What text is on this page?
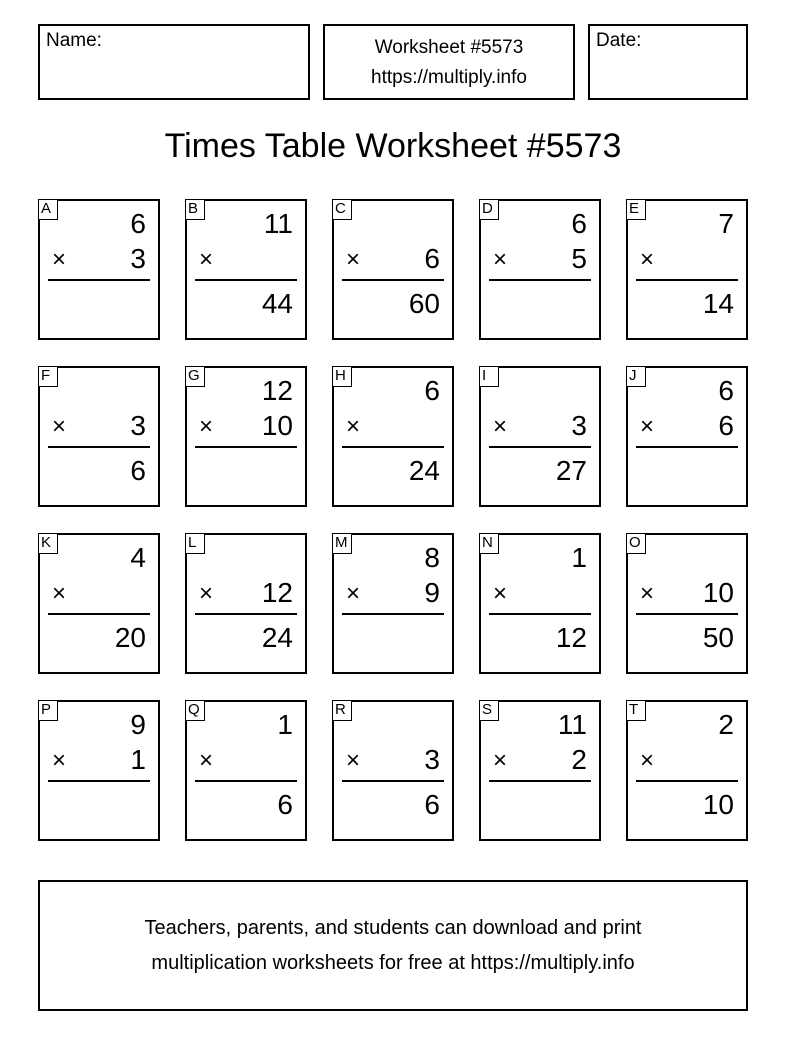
Name:	Worksheet #5573
https://multiply.info
Date:
Times Table Worksheet #5573
A	6
× 3
B 11
×
44
C
× 6
60
D	6
× 5
E	7
×
14
F
× 3
6
G 12
× 10
H	6
×
24
I
× 3
27
J	6
× 6
K	4
×
20
L
× 12
24
M	8
× 9
N	1
×
12
O
× 10
50
P	9
× 1
Q	1
×
6
R
× 3
6
S 11
× 2
T	2
×
10
Teachers, parents, and students can download and print
multiplication worksheets for free at https://multiply.info
